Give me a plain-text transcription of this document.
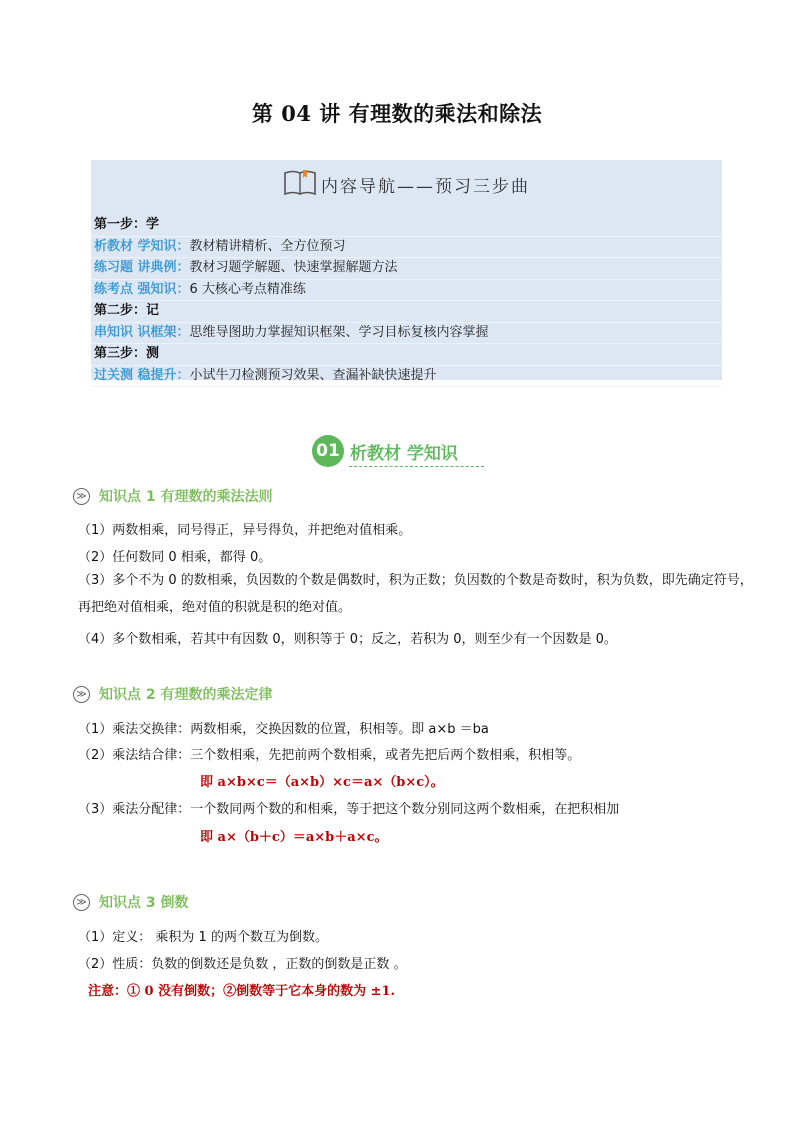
第 04 讲 有理数的乘法和除法
内容导航——预习三步曲
第一步：学
析教材 学知识：教材精讲精析、全方位预习
练习题 讲典例：教材习题学解题、快速掌握解题方法
练考点 强知识：6 大核心考点精准练
第二步：记
串知识 识框架：思维导图助力掌握知识框架、学习目标复核内容掌握
第三步：测
过关测 稳提升：小试牛刀检测预习效果、查漏补缺快速提升
01 析教材 学知识
≫ 知识点 1 有理数的乘法法则
（1）两数相乘，同号得正，异号得负，并把绝对值相乘。
（2）任何数同 0 相乘，都得 0。
（3）多个不为 0 的数相乘，负因数的个数是偶数时，积为正数；负因数的个数是奇数时，积为负数，即先确定符号，再把绝对值相乘，绝对值的积就是积的绝对值。
（4）多个数相乘，若其中有因数 0，则积等于 0；反之，若积为 0，则至少有一个因数是 0。
≫ 知识点 2 有理数的乘法定律
（1）乘法交换律：两数相乘，交换因数的位置，积相等。即 a×b ＝ba
（2）乘法结合律：三个数相乘，先把前两个数相乘，或者先把后两个数相乘，积相等。
即 a×b×c＝（a×b）×c＝a×（b×c）。
（3）乘法分配律：一个数同两个数的和相乘，等于把这个数分别同这两个数相乘，在把积相加
即 a×（b＋c）＝a×b＋a×c。
≫ 知识点 3 倒数
（1）定义： 乘积为 1 的两个数互为倒数。
（2）性质：负数的倒数还是负数 ，正数的倒数是正数 。
注意：① 0 没有倒数；②倒数等于它本身的数为 ±1.
